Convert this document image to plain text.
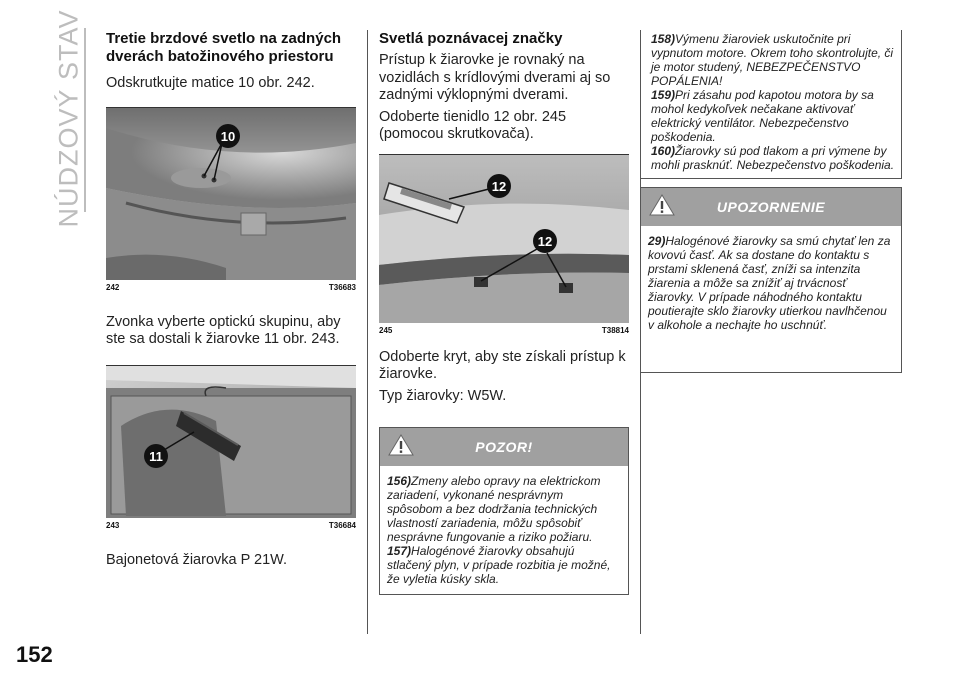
NÚDZOVÝ STAV
152
Tretie brzdové svetlo na zadných dverách batožinového priestoru

Odskrutkujte matice 10 obr. 242.

10
242	T36683

Zvonka vyberte optickú skupinu, aby ste sa dostali k žiarovke 11 obr. 243.

11
243	T36684

Bajonetová žiarovka P 21W.

Svetlá poznávacej značky

Prístup k žiarovke je rovnaký na vozidlách s krídlovými dverami aj so zadnými výklopnými dverami.

Odoberte tienidlo 12 obr. 245 (pomocou skrutkovača).

12
12
245	T38814

Odoberte kryt, aby ste získali prístup k žiarovke.

Typ žiarovky: W5W.

POZOR!
156)Zmeny alebo opravy na elektrickom zariadení, vykonané nesprávnym spôsobom a bez dodržania technických vlastností zariadenia, môžu spôsobiť nesprávne fungovanie a riziko požiaru.
157)Halogénové žiarovky obsahujú stlačený plyn, v prípade rozbitia je možné, že vyletia kúsky skla.
158)Výmenu žiaroviek uskutočnite pri vypnutom motore. Okrem toho skontrolujte, či je motor studený, NEBEZPEČENSTVO POPÁLENIA!
159)Pri zásahu pod kapotou motora by sa mohol kedykoľvek nečakane aktivovať elektrický ventilátor. Nebezpečenstvo poškodenia.
160)Žiarovky sú pod tlakom a pri výmene by mohli prasknúť. Nebezpečenstvo poškodenia.
UPOZORNENIE
29)Halogénové žiarovky sa smú chytať len za kovovú časť. Ak sa dostane do kontaktu s prstami sklenená časť, zníži sa intenzita žiarenia a môže sa znížiť aj trvácnosť žiarovky. V prípade náhodného kontaktu poutierajte sklo žiarovky utierkou navlhčenou v alkohole a nechajte ho uschnúť.
